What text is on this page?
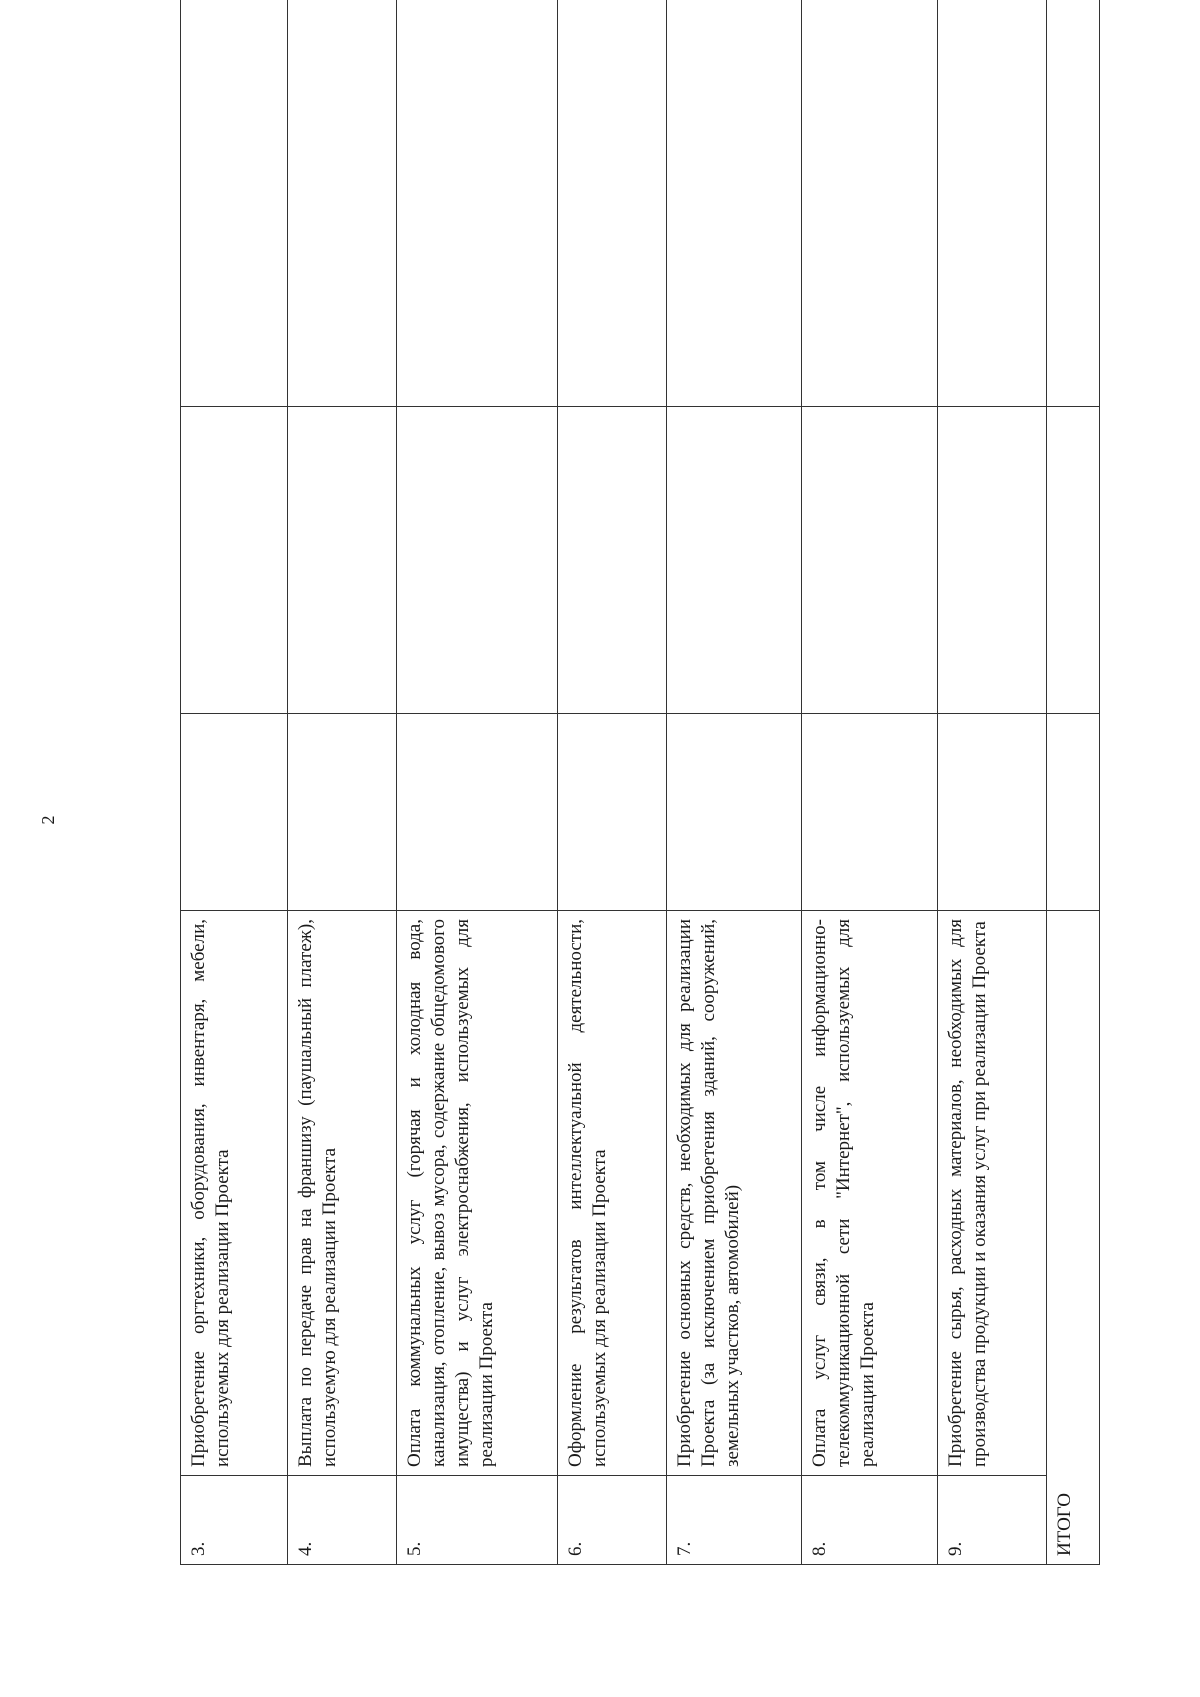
2
3.	Приобретение оргтехники, оборудования, инвентаря, мебели, используемых для реализации Проекта			
4.	Выплата по передаче прав на франшизу (паушальный платеж), используемую для реализации Проекта			
5.	Оплата коммунальных услуг (горячая и холодная вода, канализация, отопление, вывоз мусора, содержание общедомового имущества) и услуг электроснабжения, используемых для реализации Проекта			
6.	Оформление результатов интеллектуальной деятельности, используемых для реализации Проекта			
7.	Приобретение основных средств, необходимых для реализации Проекта (за исключением приобретения зданий, сооружений, земельных участков, автомобилей)			
8.	Оплата услуг связи, в том числе информационно-телекоммуникационной сети "Интернет", используемых для реализации Проекта			
9.	Приобретение сырья, расходных материалов, необходимых для производства продукции и оказания услуг при реализации Проекта			
ИТОГО				
